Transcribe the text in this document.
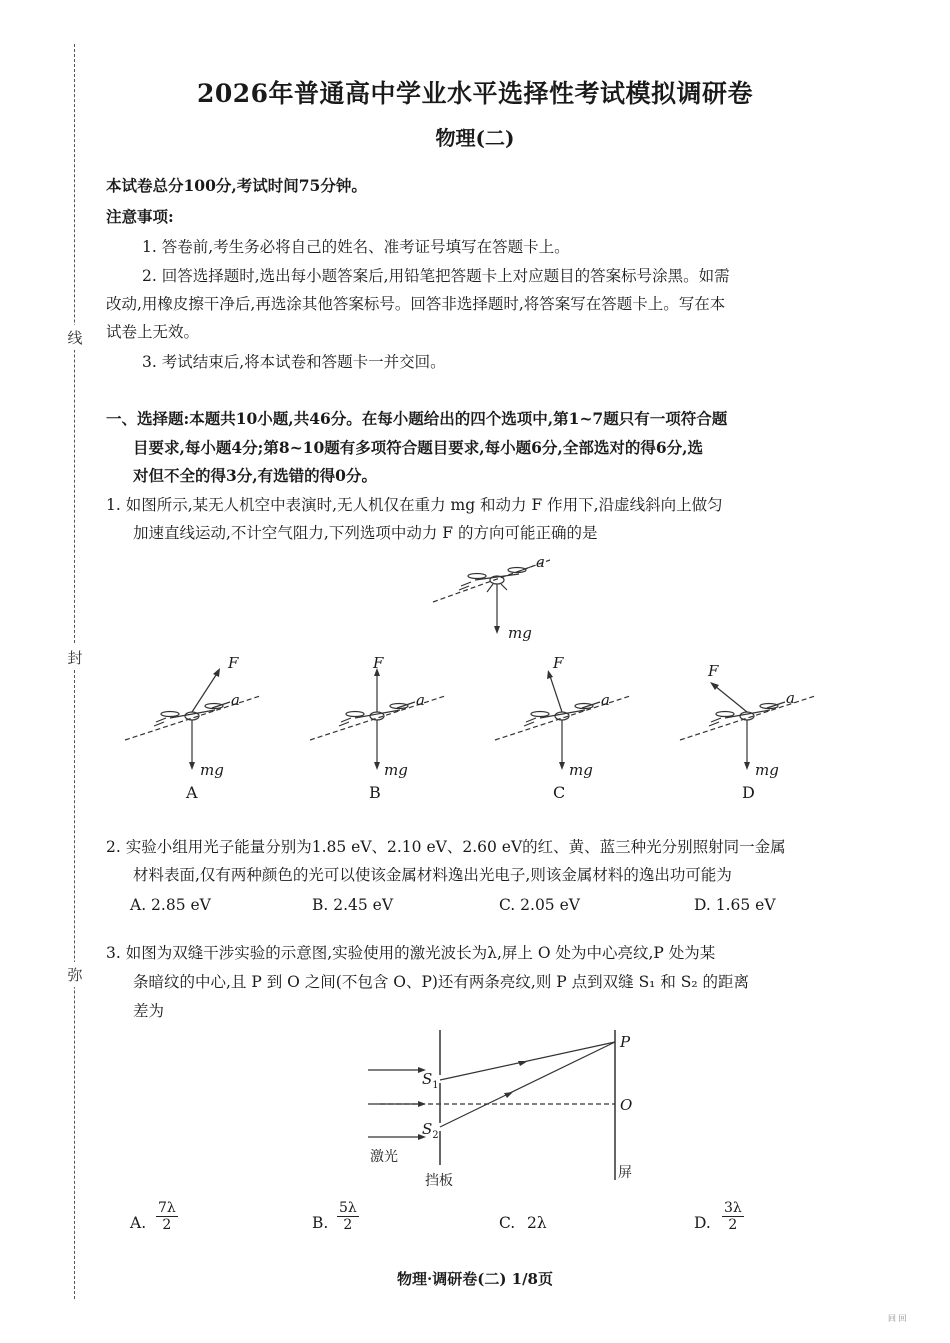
线
封
弥
2026年普通高中学业水平选择性考试模拟调研卷
物理(二)
本试卷总分100分,考试时间75分钟。
注意事项:
1. 答卷前,考生务必将自己的姓名、准考证号填写在答题卡上。
2. 回答选择题时,选出每小题答案后,用铅笔把答题卡上对应题目的答案标号涂黑。如需
改动,用橡皮擦干净后,再选涂其他答案标号。回答非选择题时,将答案写在答题卡上。写在本
试卷上无效。
3. 考试结束后,将本试卷和答题卡一并交回。
一、选择题:本题共10小题,共46分。在每小题给出的四个选项中,第1~7题只有一项符合题
目要求,每小题4分;第8~10题有多项符合题目要求,每小题6分,全部选对的得6分,选
对但不全的得3分,有选错的得0分。
1. 如图所示,某无人机空中表演时,无人机仅在重力 mg 和动力 F 作用下,沿虚线斜向上做匀
加速直线运动,不计空气阻力,下列选项中动力 F 的方向可能正确的是
a
mg
F
a
mg
A
F
a
mg
B
F
a
mg
C
F
a
mg
D
2. 实验小组用光子能量分别为1.85 eV、2.10 eV、2.60 eV的红、黄、蓝三种光分别照射同一金属
材料表面,仅有两种颜色的光可以使该金属材料逸出光电子,则该金属材料的逸出功可能为
A. 2.85 eV	B. 2.45 eV	C. 2.05 eV	D. 1.65 eV
3. 如图为双缝干涉实验的示意图,实验使用的激光波长为λ,屏上 O 处为中心亮纹,P 处为某
条暗纹的中心,且 P 到 O 之间(不包含 O、P)还有两条亮纹,则 P 点到双缝 S₁ 和 S₂ 的距离
差为
P
O
$S_1$
$S_2$
激光
挡板	屏
A. $\frac{7\lambda}{2}$	B. $\frac{5\lambda}{2}$	C. 2λ	D. $\frac{3\lambda}{2}$
物理·调研卷(二) 1/8页
回 回
